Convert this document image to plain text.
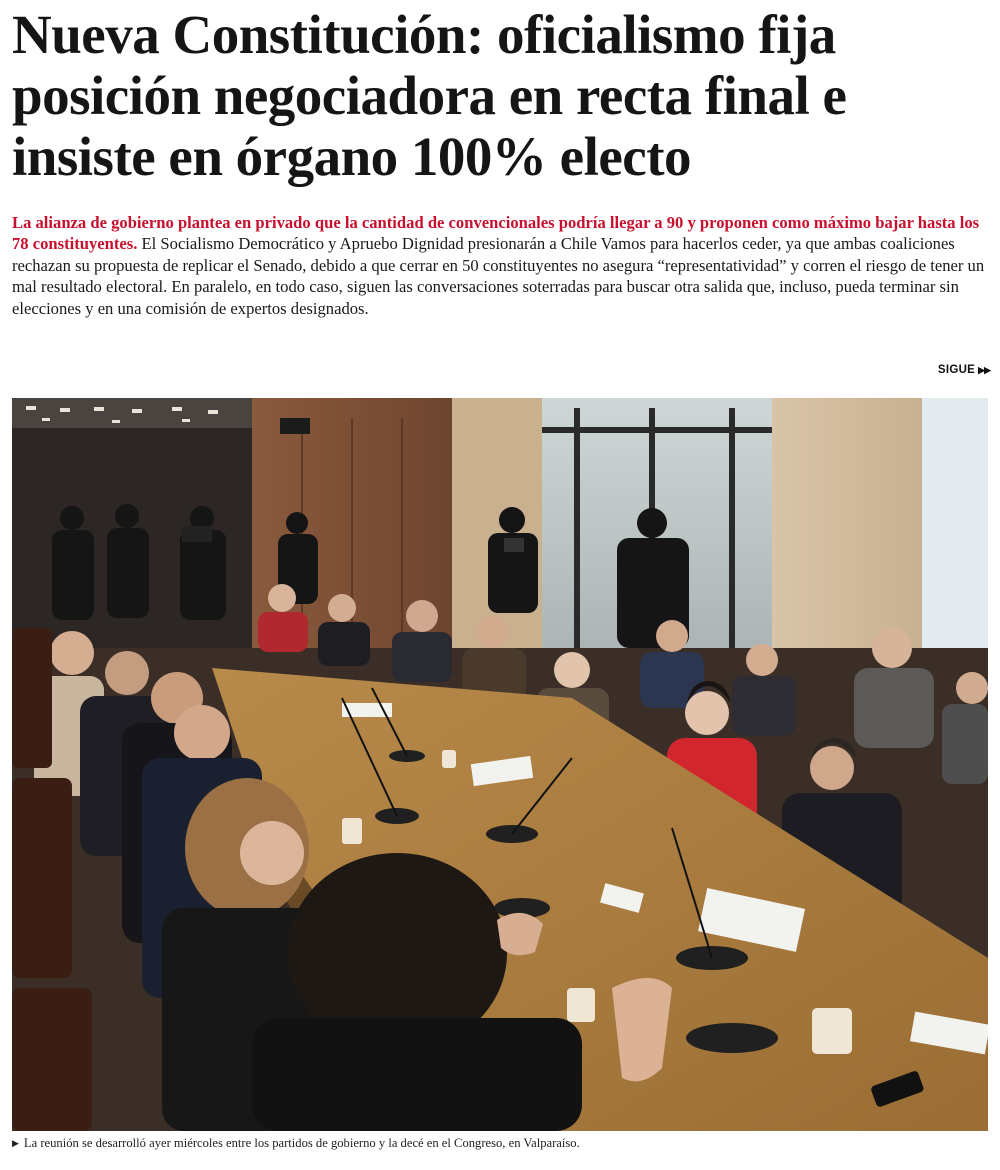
Nueva Constitución: oficialismo fija posición negociadora en recta final e insiste en órgano 100% electo

La alianza de gobierno plantea en privado que la cantidad de convencionales podría llegar a 90 y proponen como máximo bajar hasta los 78 constituyentes. El Socialismo Democrático y Apruebo Dignidad presionarán a Chile Vamos para hacerlos ceder, ya que ambas coaliciones rechazan su propuesta de replicar el Senado, debido a que cerrar en 50 constituyentes no asegura “representatividad” y corren el riesgo de tener un mal resultado electoral. En paralelo, en todo caso, siguen las conversaciones soterradas para buscar otra salida que, incluso, pueda terminar sin elecciones y en una comisión de expertos designados.

SIGUE ▶▶
▶ La reunión se desarrolló ayer miércoles entre los partidos de gobierno y la decé en el Congreso, en Valparaíso.
